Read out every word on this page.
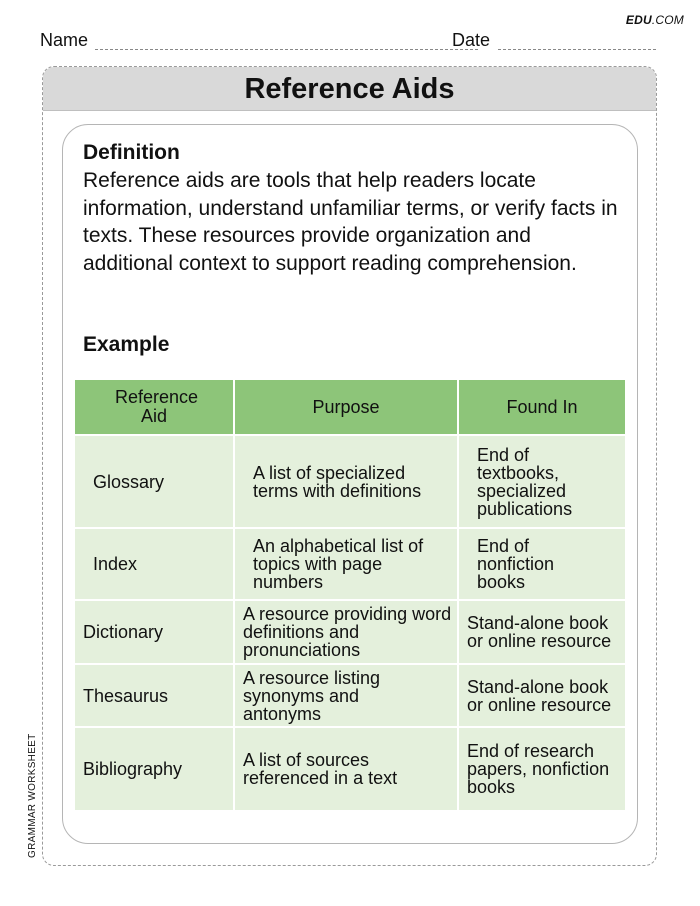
EDU.COM
Name	Date
Reference Aids
Definition
Reference aids are tools that help readers locate information, understand unfamiliar terms, or verify facts in texts. These resources provide organization and additional context to support reading comprehension.
Example
Reference Aid	Purpose	Found In
Glossary	A list of specialized terms with definitions	End of textbooks, specialized publications
Index	An alphabetical list of topics with page numbers	End of nonfiction books
Dictionary	A resource providing word definitions and pronunciations	Stand-alone book or online resource
Thesaurus	A resource listing synonyms and antonyms	Stand-alone book or online resource
Bibliography	A list of sources referenced in a text	End of research papers, nonfiction books
GRAMMAR WORKSHEET
